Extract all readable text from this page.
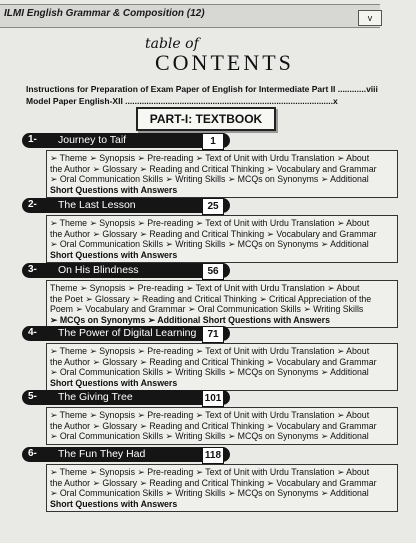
ILMI English Grammar & Composition (12)	v
table of
CONTENTS
Instructions for Preparation of Exam Paper of English for Intermediate Part II ............viii
Model Paper English-XII ........................................................................................x
PART-I: TEXTBOOK
1-	Journey to Taif	1
➢ Theme ➢ Synopsis ➢ Pre-reading ➢ Text of Unit with Urdu Translation ➢ About
the Author ➢ Glossary ➢ Reading and Critical Thinking ➢ Vocabulary and Grammar
➢ Oral Communication Skills ➢ Writing Skills ➢ MCQs on Synonyms ➢ Additional
Short Questions with Answers
2-	The Last Lesson	25
➢ Theme ➢ Synopsis ➢ Pre-reading ➢ Text of Unit with Urdu Translation ➢ About
the Author ➢ Glossary ➢ Reading and Critical Thinking ➢ Vocabulary and Grammar
➢ Oral Communication Skills ➢ Writing Skills ➢ MCQs on Synonyms ➢ Additional
Short Questions with Answers
3-	On His Blindness	56
Theme ➢ Synopsis ➢ Pre-reading ➢ Text of Unit with Urdu Translation ➢ About
the Poet ➢ Glossary ➢ Reading and Critical Thinking ➢ Critical Appreciation of the
Poem ➢ Vocabulary and Grammar ➢ Oral Communication Skills ➢ Writing Skills
➢ MCQs on Synonyms ➢ Additional Short Questions with Answers
4-	The Power of Digital Learning	71
➢ Theme ➢ Synopsis ➢ Pre-reading ➢ Text of Unit with Urdu Translation ➢ About
the Author ➢ Glossary ➢ Reading and Critical Thinking ➢ Vocabulary and Grammar
➢ Oral Communication Skills ➢ Writing Skills ➢ MCQs on Synonyms ➢ Additional
Short Questions with Answers
5-	The Giving Tree	101
➢ Theme ➢ Synopsis ➢ Pre-reading ➢ Text of Unit with Urdu Translation ➢ About
the Author ➢ Glossary ➢ Reading and Critical Thinking ➢ Vocabulary and Grammar
➢ Oral Communication Skills ➢ Writing Skills ➢ MCQs on Synonyms ➢ Additional
6-	The Fun They Had	118
➢ Theme ➢ Synopsis ➢ Pre-reading ➢ Text of Unit with Urdu Translation ➢ About
the Author ➢ Glossary ➢ Reading and Critical Thinking ➢ Vocabulary and Grammar
➢ Oral Communication Skills ➢ Writing Skills ➢ MCQs on Synonyms ➢ Additional
Short Questions with Answers
